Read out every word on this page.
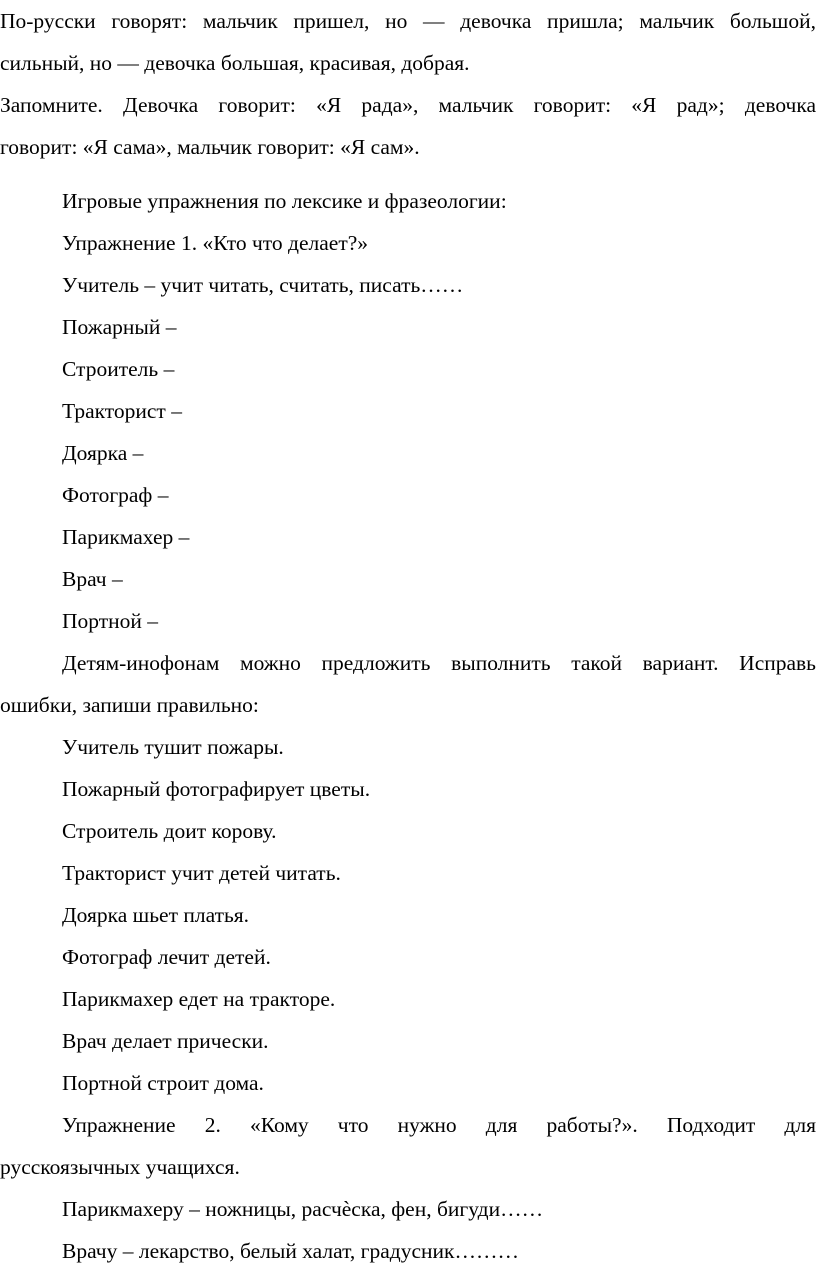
По-русски говорят: мальчик пришел, но — девочка пришла; мальчик большой,
сильный, но — девочка большая, красивая, добрая.
Запомните. Девочка говорит: «Я рада», мальчик говорит: «Я рад»; девочка
говорит: «Я сама», мальчик говорит: «Я сам».
Игровые упражнения по лексике и фразеологии:
Упражнение 1. «Кто что делает?»
Учитель – учит читать, считать, писать……
Пожарный –
Строитель –
Тракторист –
Доярка –
Фотограф –
Парикмахер –
Врач –
Портной –
Детям-инофонам можно предложить выполнить такой вариант. Исправь
ошибки, запиши правильно:
Учитель тушит пожары.
Пожарный фотографирует цветы.
Строитель доит корову.
Тракторист учит детей читать.
Доярка шьет платья.
Фотограф лечит детей.
Парикмахер едет на тракторе.
Врач делает прически.
Портной строит дома.
Упражнение 2. «Кому что нужно для работы?». Подходит для
русскоязычных учащихся.
Парикмахеру – ножницы, расчѐска, фен, бигуди……
Врачу – лекарство, белый халат, градусник………
